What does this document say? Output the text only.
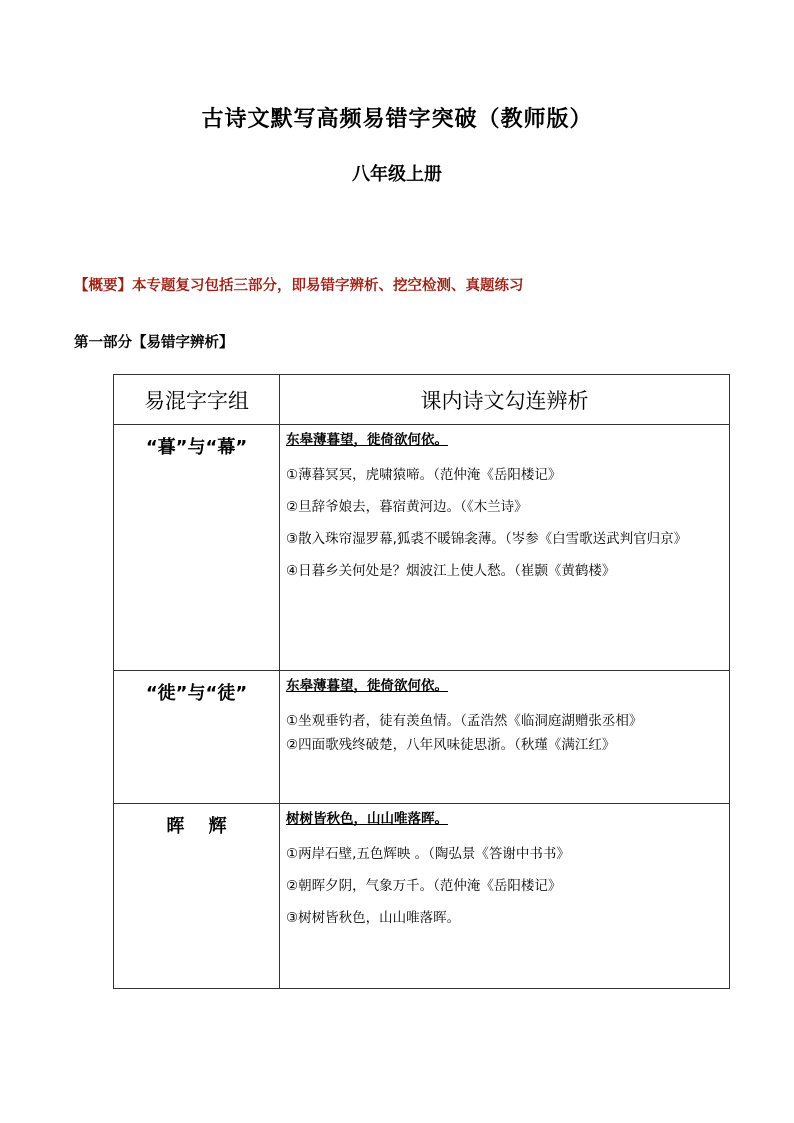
古诗文默写高频易错字突破（教师版）
八年级上册
【概要】本专题复习包括三部分，即易错字辨析、挖空检测、真题练习
第一部分【易错字辨析】
易混字字组	课内诗文勾连辨析
“暮”与“幕”	东皋薄暮望，徙倚欲何依。
①薄暮冥冥，虎啸猿啼。（范仲淹《岳阳楼记》
②旦辞爷娘去，暮宿黄河边。（《木兰诗》
③散入珠帘湿罗幕,狐裘不暖锦衾薄。（岑参《白雪歌送武判官归京》
④日暮乡关何处是？烟波江上使人愁。（崔颢《黄鹤楼》

“徙”与“徒”	东皋薄暮望，徙倚欲何依。
①坐观垂钓者，徒有羡鱼情。（孟浩然《临洞庭湖赠张丞相》
②四面歌残终破楚，八年风味徒思浙。（秋瑾《满江红》

晖　 辉	树树皆秋色，山山唯落晖。
①两岸石壁,五色辉映 。（陶弘景《答谢中书书》
②朝晖夕阴，气象万千。（范仲淹《岳阳楼记》
③树树皆秋色，山山唯落晖。
